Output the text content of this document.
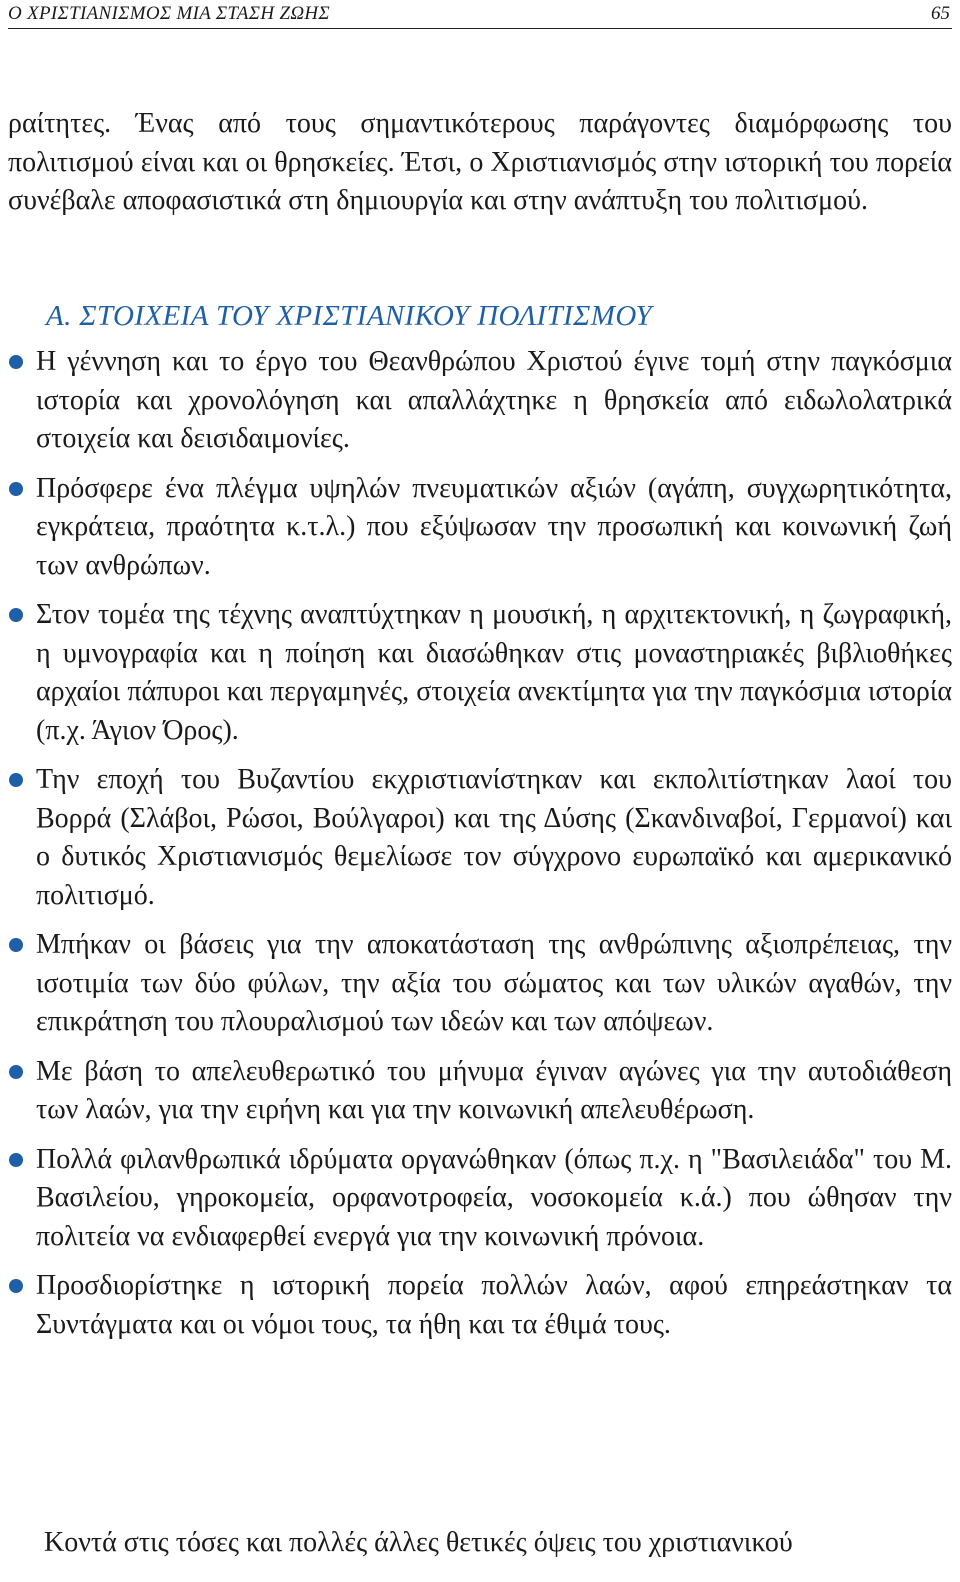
Ο ΧΡΙΣΤΙΑΝΙΣΜΟΣ ΜΙΑ ΣΤΑΣΗ ΖΩΗΣ	65

ραίτητες. Ένας από τους σημαντικότερους παράγοντες διαμόρφωσης του πολιτισμού είναι και οι θρησκείες. Έτσι, ο Χριστιανισμός στην ιστορική του πορεία συνέβαλε αποφασιστικά στη δημιουργία και στην ανάπτυξη του πολιτισμού.

Α. ΣΤΟΙΧΕΙΑ ΤΟΥ ΧΡΙΣΤΙΑΝΙΚΟΥ ΠΟΛΙΤΙΣΜΟΥ
Η γέννηση και το έργο του Θεανθρώπου Χριστού έγινε τομή στην παγκόσμια ιστορία και χρονολόγηση και απαλλάχτηκε η θρησκεία από ειδωλολατρικά στοιχεία και δεισιδαιμονίες.
Πρόσφερε ένα πλέγμα υψηλών πνευματικών αξιών (αγάπη, συγχωρητικότητα, εγκράτεια, πραότητα κ.τ.λ.) που εξύψωσαν την προσωπική και κοινωνική ζωή των ανθρώπων.
Στον τομέα της τέχνης αναπτύχτηκαν η μουσική, η αρχιτεκτονική, η ζωγραφική, η υμνογραφία και η ποίηση και διασώθηκαν στις μοναστηριακές βιβλιοθήκες αρχαίοι πάπυροι και περγαμηνές, στοιχεία ανεκτίμητα για την παγκόσμια ιστορία (π.χ. Άγιον Όρος).
Την εποχή του Βυζαντίου εκχριστιανίστηκαν και εκπολιτίστηκαν λαοί του Βορρά (Σλάβοι, Ρώσοι, Βούλγαροι) και της Δύσης (Σκανδιναβοί, Γερμανοί) και ο δυτικός Χριστιανισμός θεμελίωσε τον σύγχρονο ευρωπαϊκό και αμερικανικό πολιτισμό.
Μπήκαν οι βάσεις για την αποκατάσταση της ανθρώπινης αξιοπρέπειας, την ισοτιμία των δύο φύλων, την αξία του σώματος και των υλικών αγαθών, την επικράτηση του πλουραλισμού των ιδεών και των απόψεων.
Με βάση το απελευθερωτικό του μήνυμα έγιναν αγώνες για την αυτοδιάθεση των λαών, για την ειρήνη και για την κοινωνική απελευθέρωση.
Πολλά φιλανθρωπικά ιδρύματα οργανώθηκαν (όπως π.χ. η "Βασιλειάδα" του Μ. Βασιλείου, γηροκομεία, ορφανοτροφεία, νοσοκομεία κ.ά.) που ώθησαν την πολιτεία να ενδιαφερθεί ενεργά για την κοινωνική πρόνοια.
Προσδιορίστηκε η ιστορική πορεία πολλών λαών, αφού επηρεάστηκαν τα Συντάγματα και οι νόμοι τους, τα ήθη και τα έθιμά τους.
Κοντά στις τόσες και πολλές άλλες θετικές όψεις του χριστιανικού
